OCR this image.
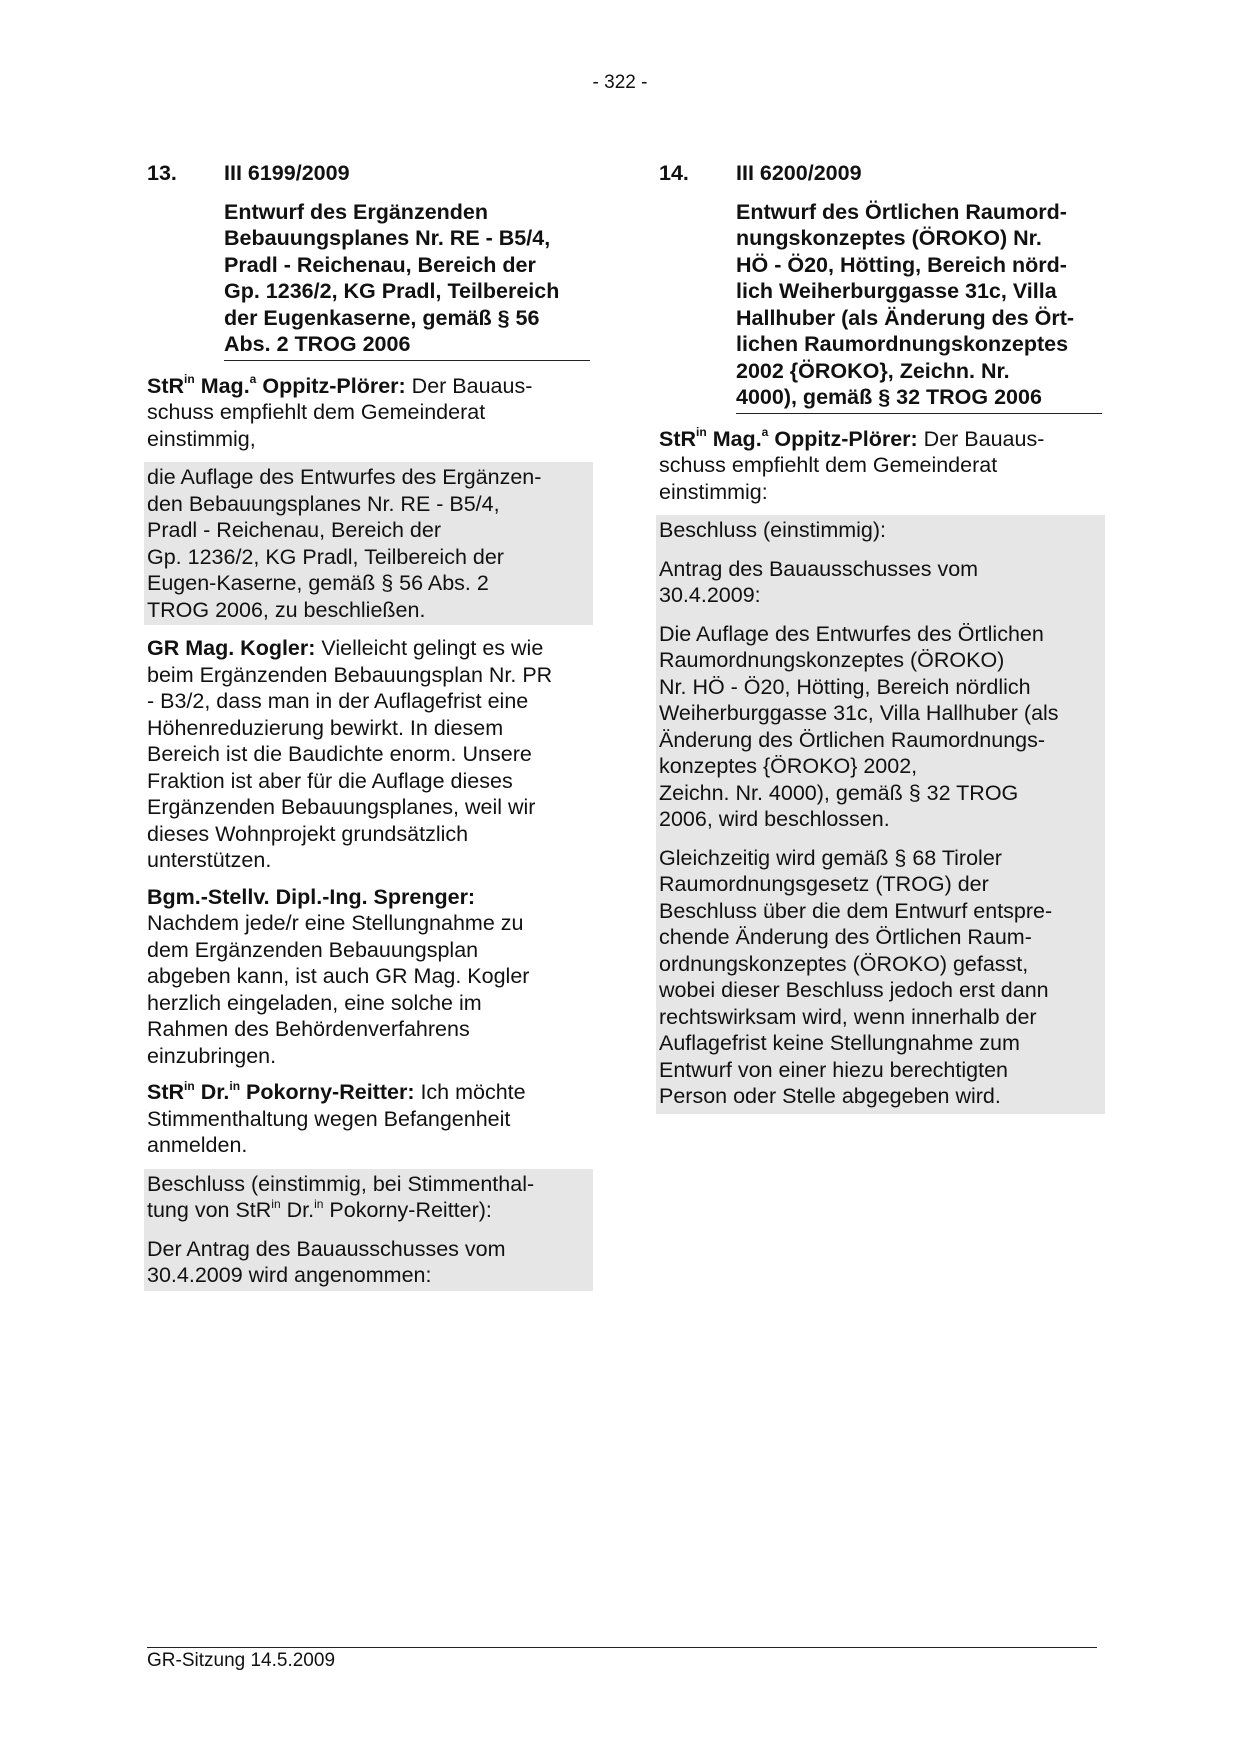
- 322 -
13.	III 6199/2009
Entwurf des Ergänzenden
Bebauungsplanes Nr. RE - B5/4,
Pradl - Reichenau, Bereich der
Gp. 1236/2, KG Pradl, Teilbereich
der Eugenkaserne, gemäß § 56
Abs. 2 TROG 2006
StR$^{in}$ Mag.$^a$ Oppitz-Plörer: Der Bauaus-
schuss empfiehlt dem Gemeinderat
einstimmig,
die Auflage des Entwurfes des Ergänzen-
den Bebauungsplanes Nr. RE - B5/4,
Pradl - Reichenau, Bereich der
Gp. 1236/2, KG Pradl, Teilbereich der
Eugen-Kaserne, gemäß § 56 Abs. 2
TROG 2006, zu beschließen.
GR Mag. Kogler: Vielleicht gelingt es wie
beim Ergänzenden Bebauungsplan Nr. PR
- B3/2, dass man in der Auflagefrist eine
Höhenreduzierung bewirkt. In diesem
Bereich ist die Baudichte enorm. Unsere
Fraktion ist aber für die Auflage dieses
Ergänzenden Bebauungsplanes, weil wir
dieses Wohnprojekt grundsätzlich
unterstützen.
Bgm.-Stellv. Dipl.-Ing. Sprenger:
Nachdem jede/r eine Stellungnahme zu
dem Ergänzenden Bebauungsplan
abgeben kann, ist auch GR Mag. Kogler
herzlich eingeladen, eine solche im
Rahmen des Behördenverfahrens
einzubringen.
StR$^{in}$ Dr.$^{in}$ Pokorny-Reitter: Ich möchte
Stimmenthaltung wegen Befangenheit
anmelden.
Beschluss (einstimmig, bei Stimmenthal-
tung von StR$^{in}$ Dr.$^{in}$ Pokorny-Reitter):
Der Antrag des Bauausschusses vom
30.4.2009 wird angenommen:
14.	III 6200/2009
Entwurf des Örtlichen Raumord-
nungskonzeptes (ÖROKO) Nr.
HÖ - Ö20, Hötting, Bereich nörd-
lich Weiherburggasse 31c, Villa
Hallhuber (als Änderung des Ört-
lichen Raumordnungskonzeptes
2002 {ÖROKO}, Zeichn. Nr.
4000), gemäß § 32 TROG 2006
StR$^{in}$ Mag.$^a$ Oppitz-Plörer: Der Bauaus-
schuss empfiehlt dem Gemeinderat
einstimmig:
Beschluss (einstimmig):
Antrag des Bauausschusses vom
30.4.2009:
Die Auflage des Entwurfes des Örtlichen
Raumordnungskonzeptes (ÖROKO)
Nr. HÖ - Ö20, Hötting, Bereich nördlich
Weiherburggasse 31c, Villa Hallhuber (als
Änderung des Örtlichen Raumordnungs-
konzeptes {ÖROKO} 2002,
Zeichn. Nr. 4000), gemäß § 32 TROG
2006, wird beschlossen.
Gleichzeitig wird gemäß § 68 Tiroler
Raumordnungsgesetz (TROG) der
Beschluss über die dem Entwurf entspre-
chende Änderung des Örtlichen Raum-
ordnungskonzeptes (ÖROKO) gefasst,
wobei dieser Beschluss jedoch erst dann
rechtswirksam wird, wenn innerhalb der
Auflagefrist keine Stellungnahme zum
Entwurf von einer hiezu berechtigten
Person oder Stelle abgegeben wird.
GR-Sitzung 14.5.2009
